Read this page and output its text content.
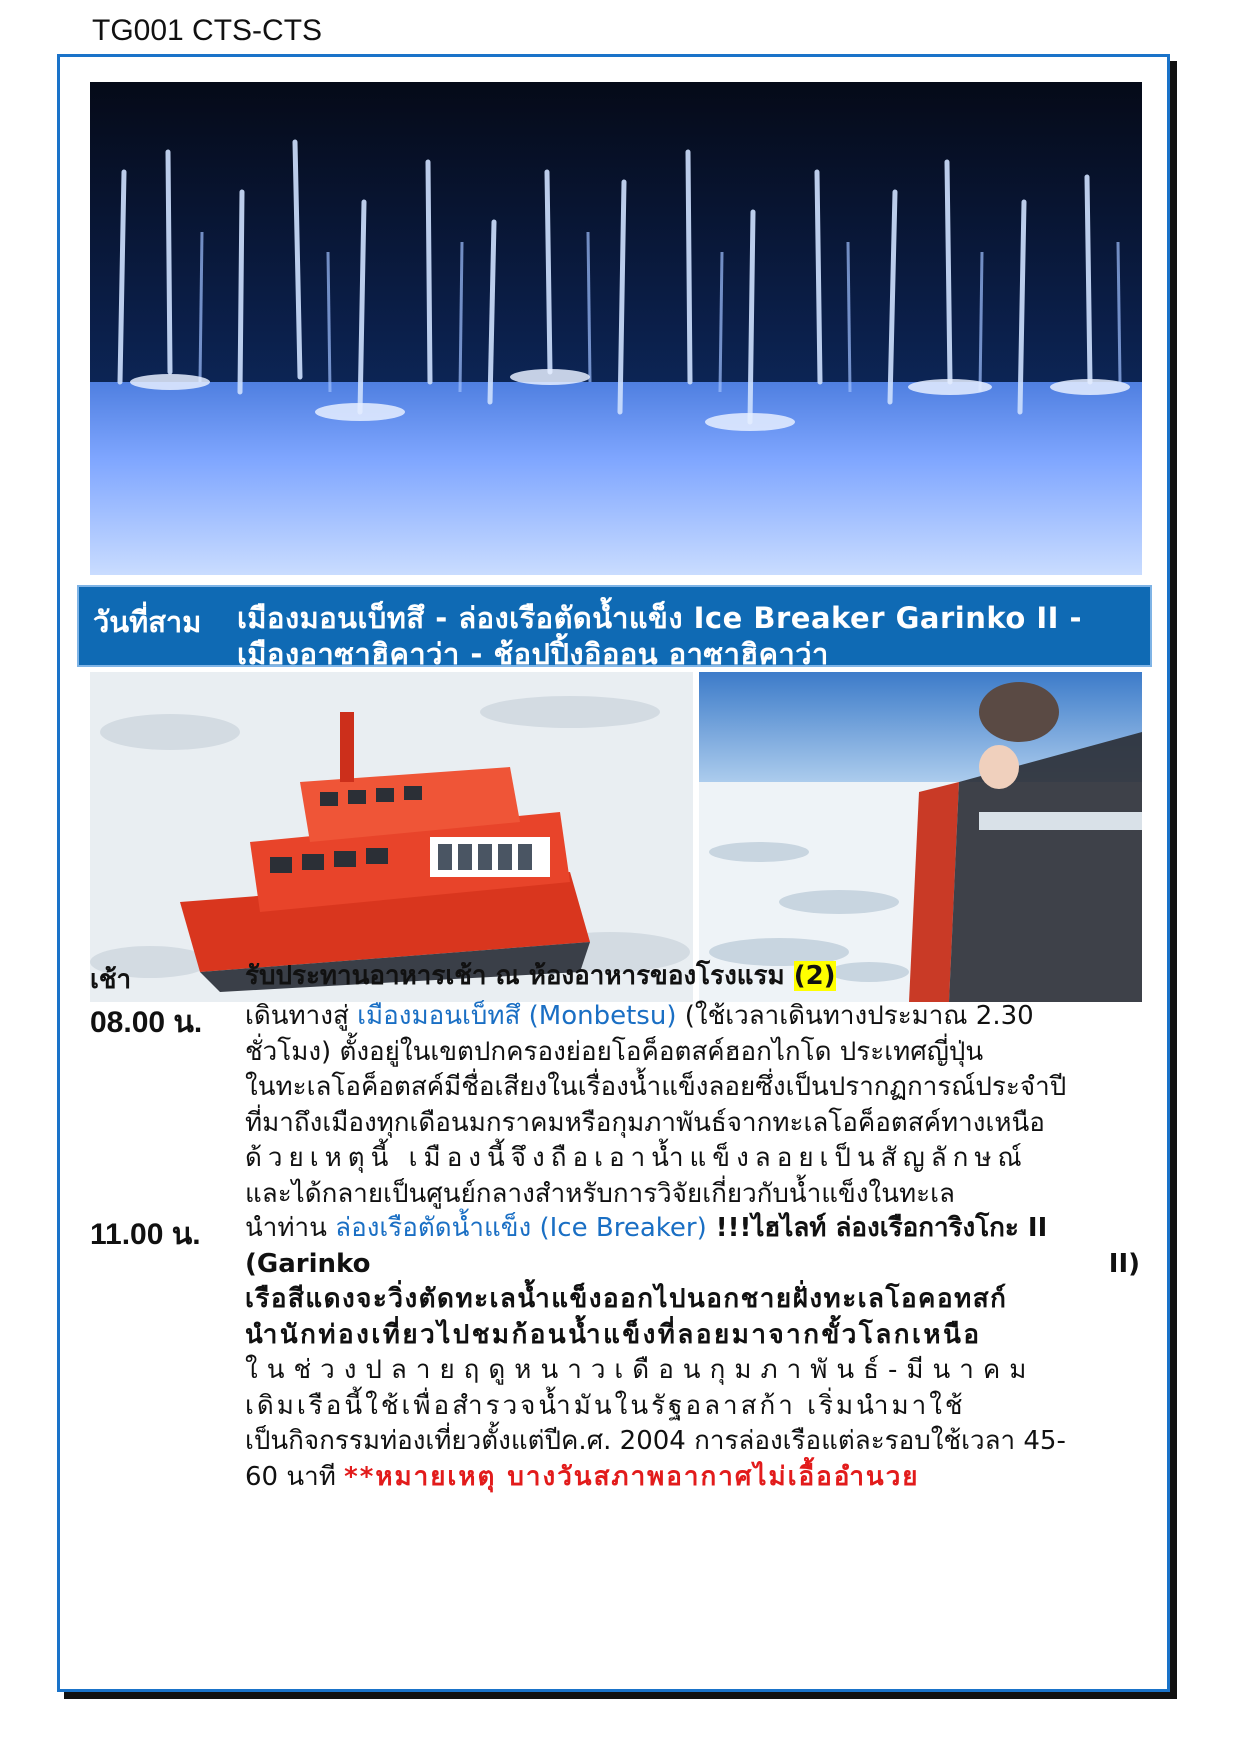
TG001 CTS-CTS
วันที่สาม เมืองมอนเบ็ทสึ - ล่องเรือตัดน้ำแข็ง Ice Breaker Garinko II -
เมืองอาซาฮิคาว่า - ช้อปปิ้งอิออน อาซาฮิคาว่า
เช้า	รับประทานอาหารเช้า ณ ห้องอาหารของโรงแรม (2)
08.00 น. เดินทางสู่ เมืองมอนเบ็ทสึ (Monbetsu) (ใช้เวลาเดินทางประมาณ 2.30
ชั่วโมง) ตั้งอยู่ในเขตปกครองย่อยโอค็อตสค์ฮอกไกโด ประเทศญี่ปุ่น
ในทะเลโอค็อตสค์มีชื่อเสียงในเรื่องน้ำแข็งลอยซึ่งเป็นปรากฏการณ์ประจำปี
ที่มาถึงเมืองทุกเดือนมกราคมหรือกุมภาพันธ์จากทะเลโอค็อตสค์ทางเหนือ
ด้วยเหตุนี้ เมืองนี้จึงถือเอาน้ำแข็งลอยเป็นสัญลักษณ์
และได้กลายเป็นศูนย์กลางสำหรับการวิจัยเกี่ยวกับน้ำแข็งในทะเล
11.00 น. นำท่าน ล่องเรือตัดน้ำแข็ง (Ice Breaker) !!!ไฮไลท์ ล่องเรือการิงโกะ II
(Garinko	II)
เรือสีแดงจะวิ่งตัดทะเลน้ำแข็งออกไปนอกชายฝั่งทะเลโอคอทสก์
นำนักท่องเที่ยวไปชมก้อนน้ำแข็งที่ลอยมาจากขั้วโลกเหนือ
ในช่วงปลายฤดูหนาวเดือนกุมภาพันธ์-มีนาคม
เดิมเรือนี้ใช้เพื่อสำรวจน้ำมันในรัฐอลาสก้า เริ่มนำมาใช้
เป็นกิจกรรมท่องเที่ยวตั้งแต่ปีค.ศ. 2004 การล่องเรือแต่ละรอบใช้เวลา 45-
60 นาที **หมายเหตุ บางวันสภาพอากาศไม่เอื้ออำนวย
